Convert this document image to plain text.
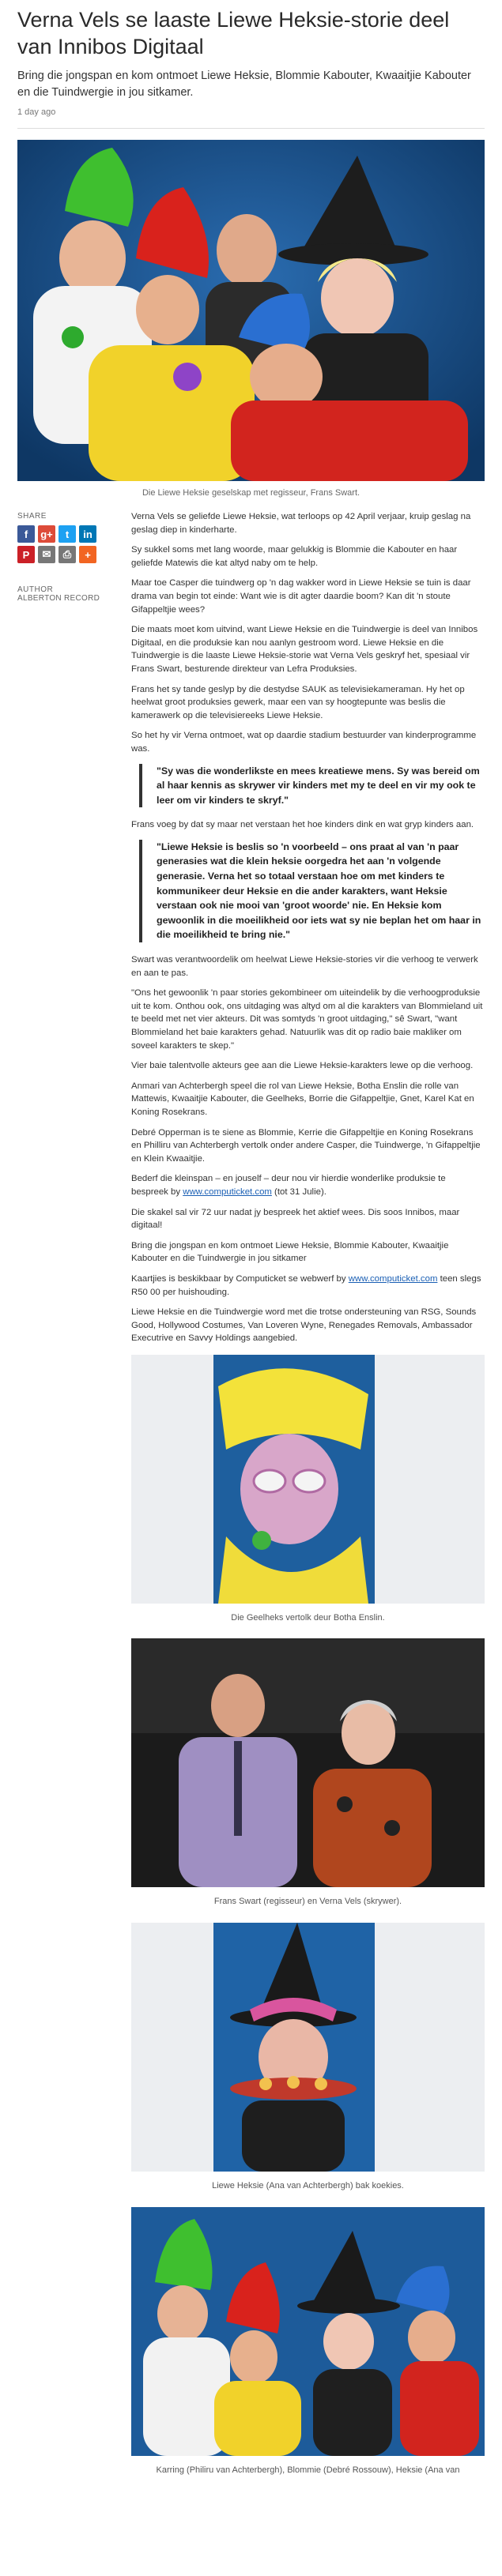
Verna Vels se laaste Liewe Heksie-storie deel van Innibos Digitaal

Bring die jongspan en kom ontmoet Liewe Heksie, Blommie Kabouter, Kwaaitjie Kabouter en die Tuindwergie in jou sitkamer.

1 day ago

Die Liewe Heksie geselskap met regisseur, Frans Swart.

SHARE
f	g+	t	in
P	✉	⎙	+
AUTHOR
ALBERTON RECORD

Verna Vels se geliefde Liewe Heksie, wat terloops op 42 April verjaar, kruip geslag na geslag diep in kinderharte.

Sy sukkel soms met lang woorde, maar gelukkig is Blommie die Kabouter en haar geliefde Matewis die kat altyd naby om te help.

Maar toe Casper die tuindwerg op 'n dag wakker word in Liewe Heksie se tuin is daar drama van begin tot einde: Want wie is dit agter daardie boom? Kan dit 'n stoute Gifappeltjie wees?

Die maats moet kom uitvind, want Liewe Heksie en die Tuindwergie is deel van Innibos Digitaal, en die produksie kan nou aanlyn gestroom word. Liewe Heksie en die Tuindwergie is die laaste Liewe Heksie-storie wat Verna Vels geskryf het, spesiaal vir Frans Swart, besturende direkteur van Lefra Produksies.

Frans het sy tande geslyp by die destydse SAUK as televisiekameraman. Hy het op heelwat groot produksies gewerk, maar een van sy hoogtepunte was beslis die kamerawerk op die televisiereeks Liewe Heksie.

So het hy vir Verna ontmoet, wat op daardie stadium bestuurder van kinderprogramme was.

"Sy was die wonderlikste en mees kreatiewe mens. Sy was bereid om al haar kennis as skrywer vir kinders met my te deel en vir my ook te leer om vir kinders te skryf."

Frans voeg by dat sy maar net verstaan het hoe kinders dink en wat gryp kinders aan.

"Liewe Heksie is beslis so 'n voorbeeld – ons praat al van 'n paar generasies wat die klein heksie oorgedra het aan 'n volgende generasie. Verna het so totaal verstaan hoe om met kinders te kommunikeer deur Heksie en die ander karakters, want Heksie verstaan ook nie mooi van 'groot woorde' nie. En Heksie kom gewoonlik in die moeilikheid oor iets wat sy nie beplan het om haar in die moeilikheid te bring nie."

Swart was verantwoordelik om heelwat Liewe Heksie-stories vir die verhoog te verwerk en aan te pas.

"Ons het gewoonlik 'n paar stories gekombineer om uiteindelik by die verhoogproduksie uit te kom. Onthou ook, ons uitdaging was altyd om al die karakters van Blommieland uit te beeld met net vier akteurs. Dit was somtyds 'n groot uitdaging," sê Swart, "want Blommieland het baie karakters gehad. Natuurlik was dit op radio baie makliker om soveel karakters te skep."

Vier baie talentvolle akteurs gee aan die Liewe Heksie-karakters lewe op die verhoog.

Anmari van Achterbergh speel die rol van Liewe Heksie, Botha Enslin die rolle van Mattewis, Kwaaitjie Kabouter, die Geelheks, Borrie die Gifappeltjie, Gnet, Karel Kat en Koning Rosekrans.

Debré Opperman is te siene as Blommie, Kerrie die Gifappeltjie en Koning Rosekrans en Philliru van Achterbergh vertolk onder andere Casper, die Tuindwerge, 'n Gifappeltjie en Klein Kwaaitjie.

Bederf die kleinspan – en jouself – deur nou vir hierdie wonderlike produksie te bespreek by www.computicket.com (tot 31 Julie).

Die skakel sal vir 72 uur nadat jy bespreek het aktief wees. Dis soos Innibos, maar digitaal!

Bring die jongspan en kom ontmoet Liewe Heksie, Blommie Kabouter, Kwaaitjie Kabouter en die Tuindwergie in jou sitkamer

Kaartjies is beskikbaar by Computicket se webwerf by www.computicket.com teen slegs R50 00 per huishouding.

Liewe Heksie en die Tuindwergie word met die trotse ondersteuning van RSG, Sounds Good, Hollywood Costumes, Van Loveren Wyne, Renegades Removals, Ambassador Executrive en Savvy Holdings aangebied.

Die Geelheks vertolk deur Botha Enslin.
Frans Swart (regisseur) en Verna Vels (skrywer).
Liewe Heksie (Ana van Achterbergh) bak koekies.
Karring (Philiru van Achterbergh), Blommie (Debré Rossouw), Heksie (Ana van
